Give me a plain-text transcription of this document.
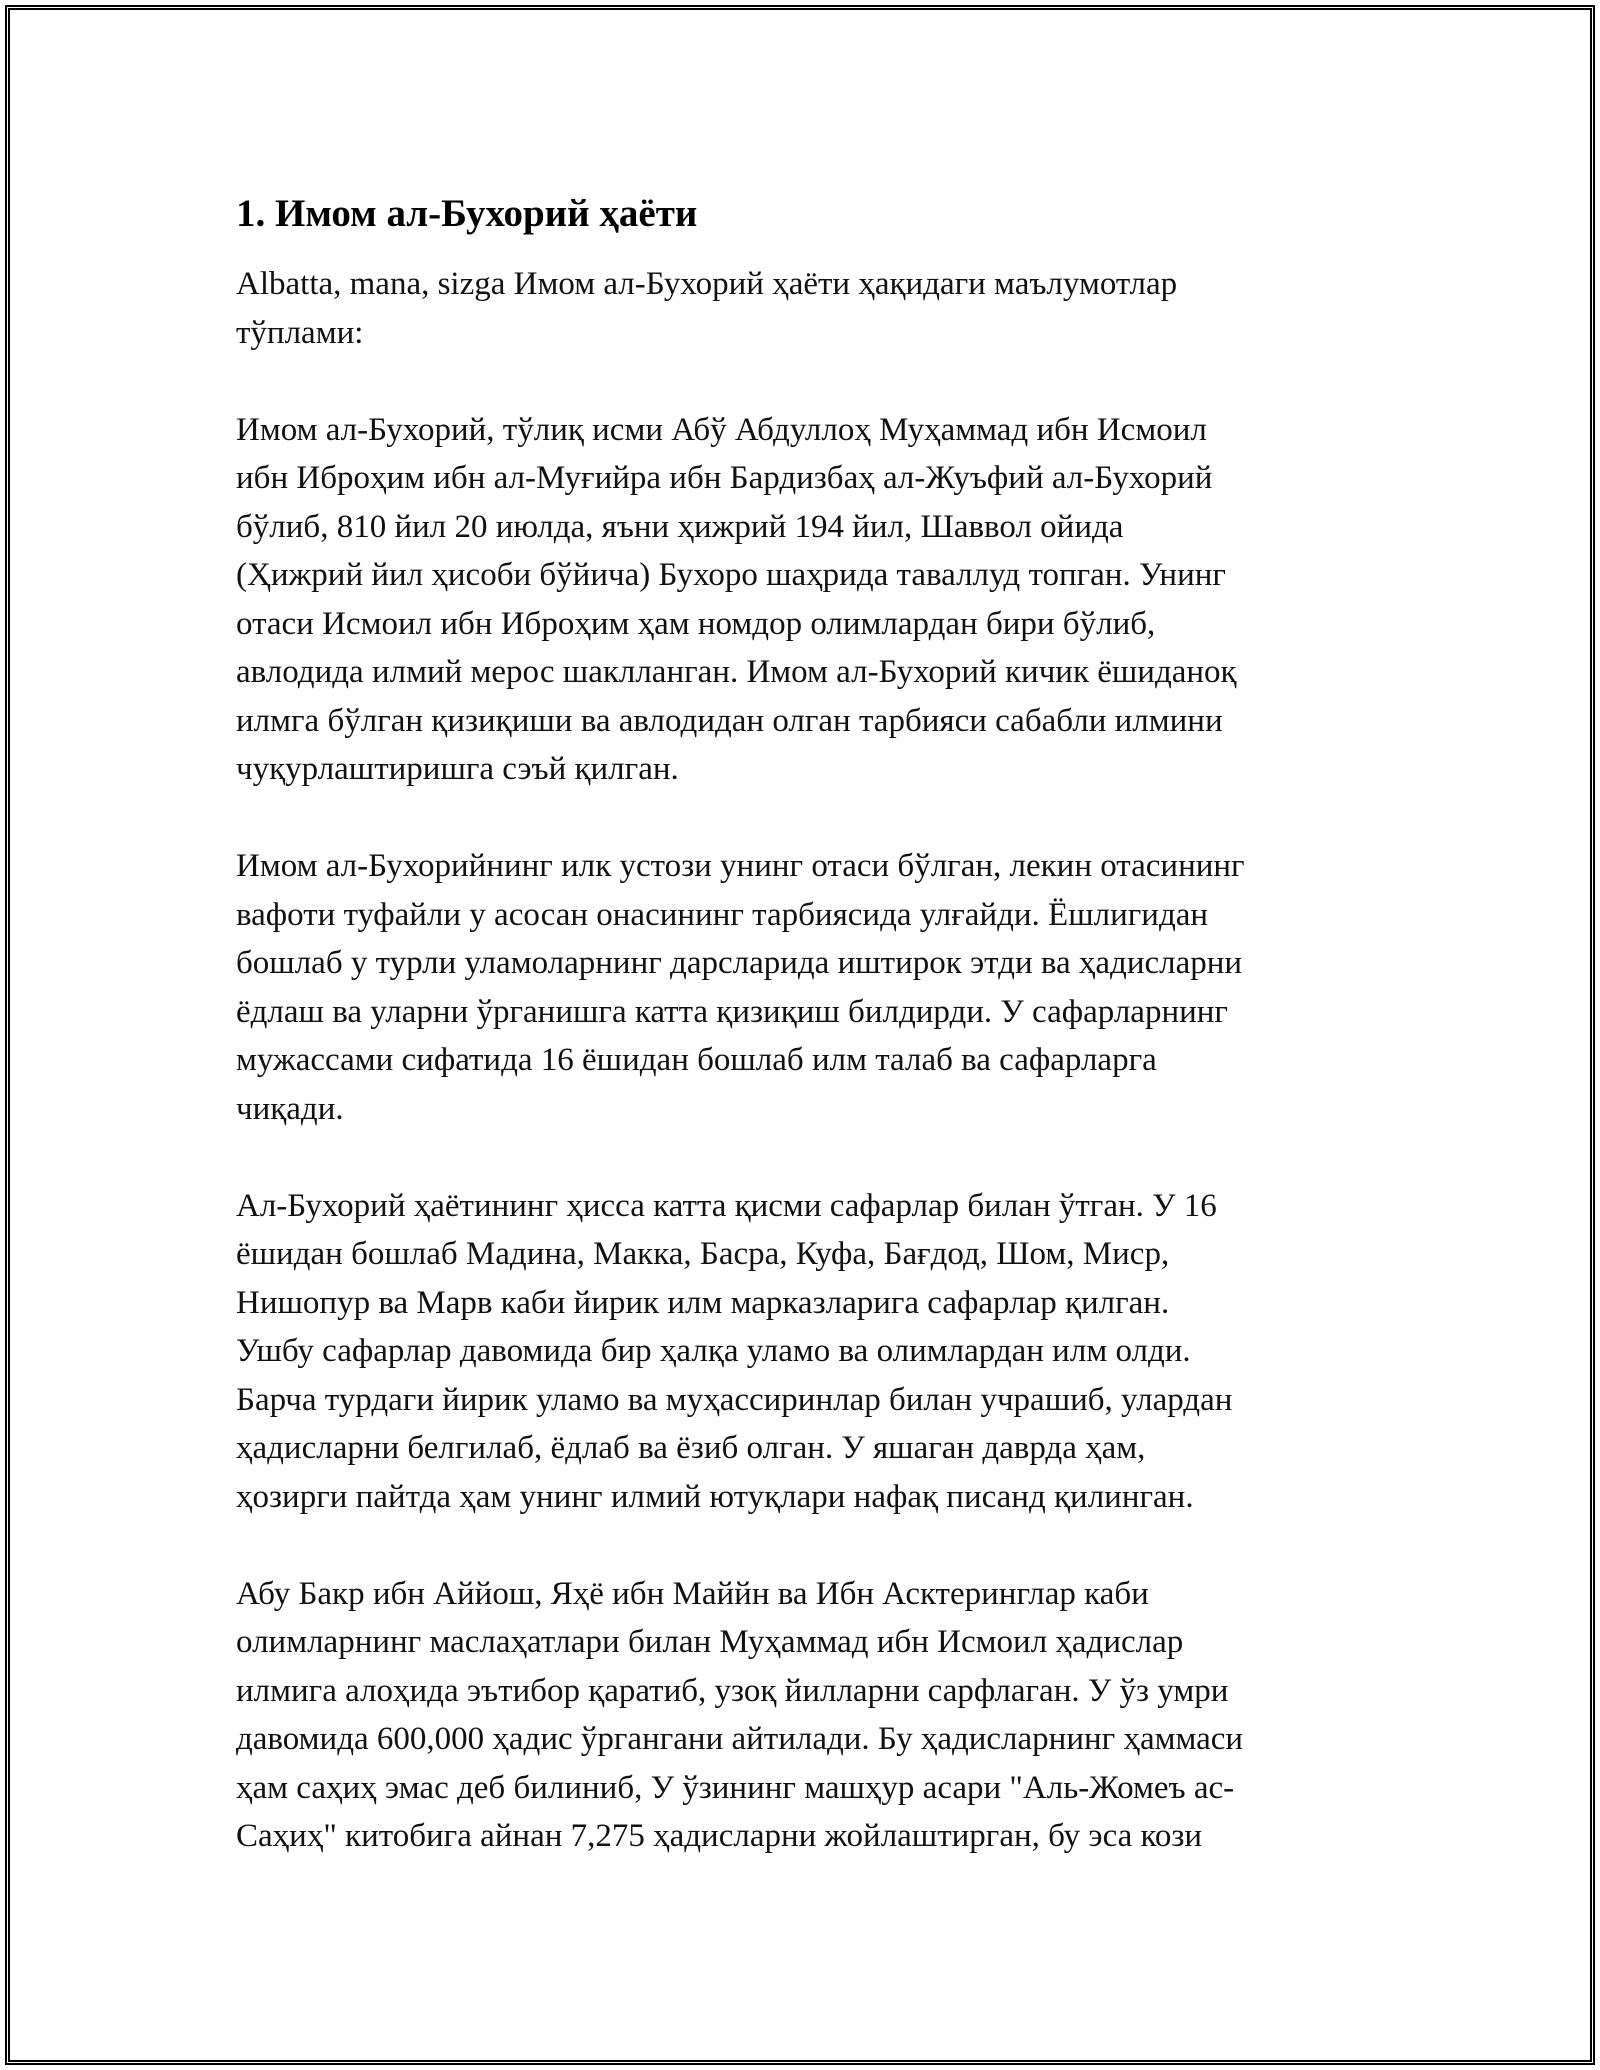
1. Имом ал-Бухорий ҳаёти

Albatta, mana, sizga Имом ал-Бухорий ҳаёти ҳақидаги маълумотлар
тўплами:

Имом ал-Бухорий, тўлиқ исми Абў Абдуллоҳ Муҳаммад ибн Исмоил
ибн Иброҳим ибн ал-Муғийра ибн Бардизбаҳ ал-Жуъфий ал-Бухорий
бўлиб, 810 йил 20 июлда, яъни ҳижрий 194 йил, Шаввол ойида
(Ҳижрий йил ҳисоби бўйича) Бухоро шаҳрида таваллуд топган. Унинг
отаси Исмоил ибн Иброҳим ҳам номдор олимлардан бири бўлиб,
авлодида илмий мерос шаклланган. Имом ал-Бухорий кичик ёшиданоқ
илмга бўлган қизиқиши ва авлодидан олган тарбияси сабабли илмини
чуқурлаштиришга сэъй қилган.

Имом ал-Бухорийнинг илк устози унинг отаси бўлган, лекин отасининг
вафоти туфайли у асосан онасининг тарбиясида улғайди. Ёшлигидан
бошлаб у турли уламоларнинг дарсларида иштирок этди ва ҳадисларни
ёдлаш ва уларни ўрганишга катта қизиқиш билдирди. У сафарларнинг
мужассами сифатида 16 ёшидан бошлаб илм талаб ва сафарларга
чиқади.

Ал-Бухорий ҳаётининг ҳисса катта қисми сафарлар билан ўтган. У 16
ёшидан бошлаб Мадина, Макка, Басра, Куфа, Бағдод, Шом, Миср,
Нишопур ва Марв каби йирик илм марказларига сафарлар қилган.
Ушбу сафарлар давомида бир ҳалқа уламо ва олимлардан илм олди.
Барча турдаги йирик уламо ва муҳассиринлар билан учрашиб, улардан
ҳадисларни белгилаб, ёдлаб ва ёзиб олган. У яшаган даврда ҳам,
ҳозирги пайтда ҳам унинг илмий ютуқлари нафақ писанд қилинган.

Абу Бакр ибн Аййош, Яҳё ибн Маййн ва Ибн Асктеринглар каби
олимларнинг маслаҳатлари билан Муҳаммад ибн Исмоил ҳадислар
илмига алоҳида эътибор қаратиб, узоқ йилларни сарфлаган. У ўз умри
давомида 600,000 ҳадис ўргангани айтилади. Бу ҳадисларнинг ҳаммаси
ҳам саҳиҳ эмас деб билиниб, У ўзининг машҳур асари "Аль-Жомеъ ас-
Саҳиҳ" китобига айнан 7,275 ҳадисларни жойлаштирган, бу эса кози
